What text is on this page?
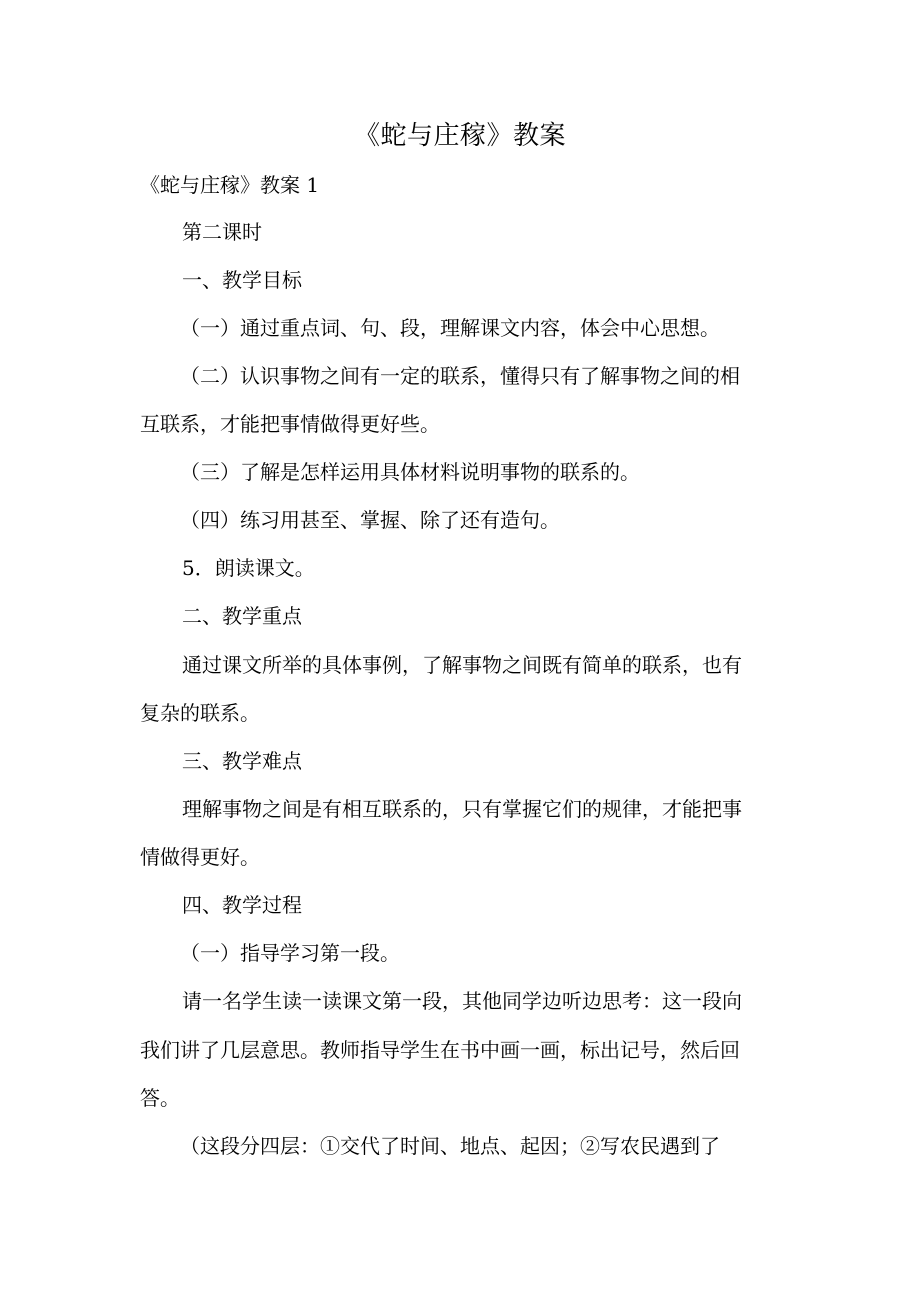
《蛇与庄稼》教案
《蛇与庄稼》教案 1
第二课时
一、教学目标
（一）通过重点词、句、段，理解课文内容，体会中心思想。
（二）认识事物之间有一定的联系，懂得只有了解事物之间的相
互联系，才能把事情做得更好些。
（三）了解是怎样运用具体材料说明事物的联系的。
（四）练习用甚至、掌握、除了还有造句。
5．朗读课文。
二、教学重点
通过课文所举的具体事例，了解事物之间既有简单的联系，也有
复杂的联系。
三、教学难点
理解事物之间是有相互联系的，只有掌握它们的规律，才能把事
情做得更好。
四、教学过程
（一）指导学习第一段。
请一名学生读一读课文第一段，其他同学边听边思考：这一段向
我们讲了几层意思。教师指导学生在书中画一画，标出记号，然后回
答。
（这段分四层：①交代了时间、地点、起因；②写农民遇到了
